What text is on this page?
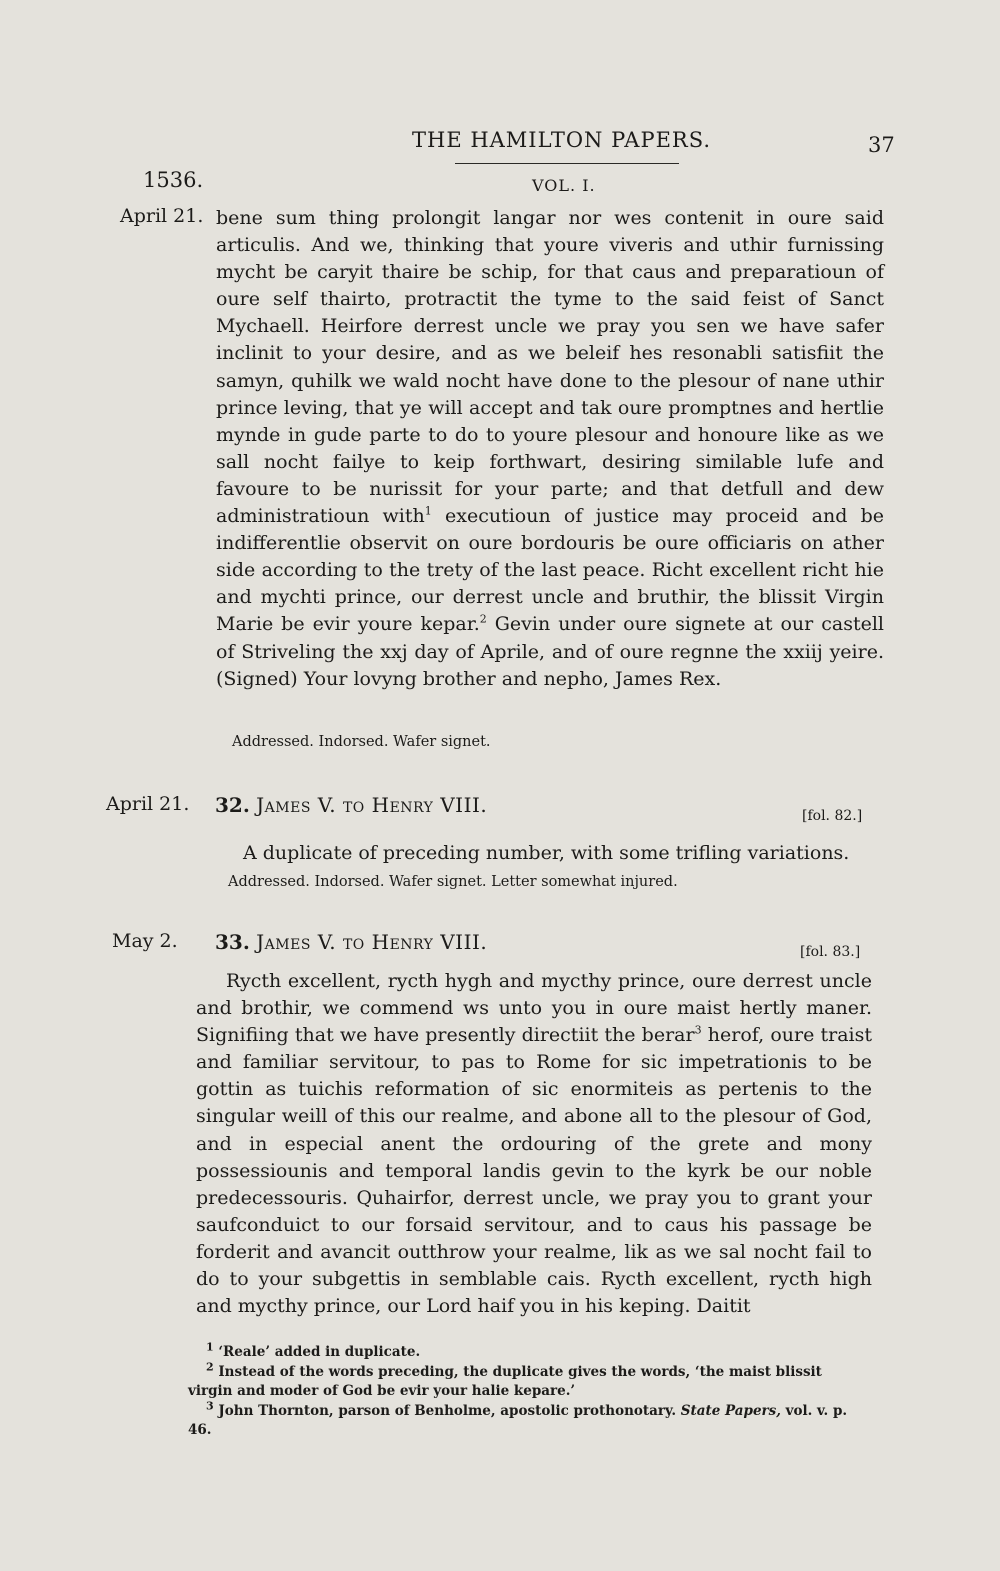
THE HAMILTON PAPERS.	37
1536.	VOL. I.
April 21. bene sum thing prolongit langar nor wes contenit in oure said articulis. And we, thinking that youre viveris and uthir furnissing mycht be caryit thaire be schip, for that caus and preparatioun of oure self thairto, protractit the tyme to the said feist of Sanct Mychaell. Heirfore derrest uncle we pray you sen we have safer inclinit to your desire, and as we beleif hes resonabli satisfiit the samyn, quhilk we wald nocht have done to the plesour of nane uthir prince leving, that ye will accept and tak oure promptnes and hertlie mynde in gude parte to do to youre plesour and honoure like as we sall nocht failye to keip forthwart, desiring similable lufe and favoure to be nurissit for your parte; and that detfull and dew administratioun with$^1$ executioun of justice may proceid and be indifferentlie observit on oure bordouris be oure officiaris on ather side according to the trety of the last peace. Richt excellent richt hie and mychti prince, our derrest uncle and bruthir, the blissit Virgin Marie be evir youre kepar.$^2$ Gevin under oure signete at our castell of Striveling the xxj day of Aprile, and of oure regnne the xxiij yeire. (Signed) Your lovyng brother and nepho, James Rex.
Addressed. Indorsed. Wafer signet.
April 21. 32. James V. to Henry VIII.	[fol. 82.]
A duplicate of preceding number, with some trifling variations.
Addressed. Indorsed. Wafer signet. Letter somewhat injured.
May 2. 33. James V. to Henry VIII.	[fol. 83.]
Rycth excellent, rycth hygh and mycthy prince, oure derrest uncle and brothir, we commend ws unto you in oure maist hertly maner. Signifiing that we have presently directiit the berar$^3$ herof, oure traist and familiar servitour, to pas to Rome for sic impetrationis to be gottin as tuichis reformation of sic enormiteis as pertenis to the singular weill of this our realme, and abone all to the plesour of God, and in especial anent the ordouring of the grete and mony possessiounis and temporal landis gevin to the kyrk be our noble predecessouris. Quhairfor, derrest uncle, we pray you to grant your saufconduict to our forsaid servitour, and to caus his passage be forderit and avancit outthrow your realme, lik as we sal nocht fail to do to your subgettis in semblable cais. Rycth excellent, rycth high and mycthy prince, our Lord haif you in his keping. Daitit

$^1$ ‘Reale’ added in duplicate.

$^2$ Instead of the words preceding, the duplicate gives the words, ‘the maist blissit virgin and moder of God be evir your halie kepare.’

$^3$ John Thornton, parson of Benholme, apostolic prothonotary. State Papers, vol. v. p. 46.
